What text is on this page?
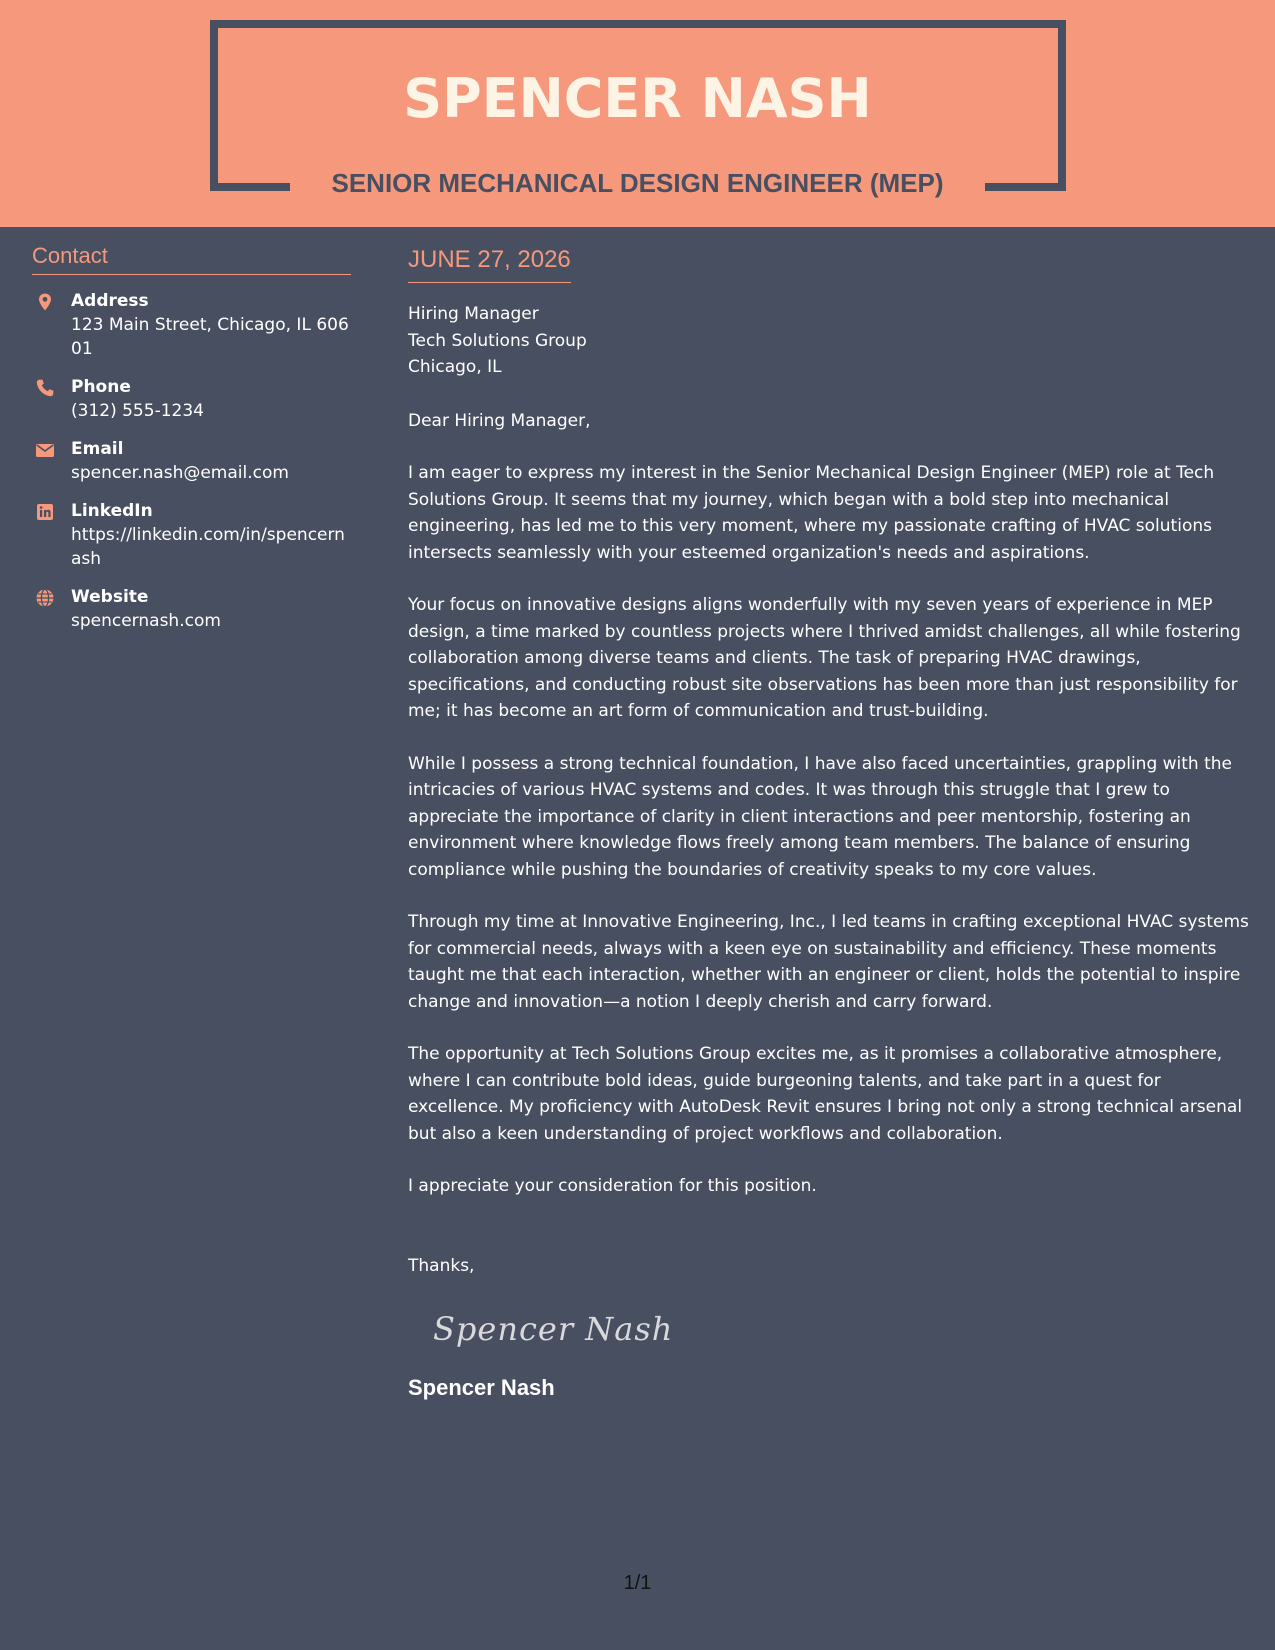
SPENCER NASH
SENIOR MECHANICAL DESIGN ENGINEER (MEP)
Contact
Address
123 Main Street, Chicago, IL 60601
Phone
(312) 555-1234
Email
spencer.nash@email.com
LinkedIn
https://linkedin.com/in/spencernash
Website
spencernash.com
JUNE 27, 2026
Hiring Manager
Tech Solutions Group
Chicago, IL
Dear Hiring Manager,
I am eager to express my interest in the Senior Mechanical Design Engineer (MEP) role at Tech Solutions Group. It seems that my journey, which began with a bold step into mechanical engineering, has led me to this very moment, where my passionate crafting of HVAC solutions intersects seamlessly with your esteemed organization's needs and aspirations.
Your focus on innovative designs aligns wonderfully with my seven years of experience in MEP design, a time marked by countless projects where I thrived amidst challenges, all while fostering collaboration among diverse teams and clients. The task of preparing HVAC drawings, specifications, and conducting robust site observations has been more than just responsibility for me; it has become an art form of communication and trust-building.
While I possess a strong technical foundation, I have also faced uncertainties, grappling with the intricacies of various HVAC systems and codes. It was through this struggle that I grew to appreciate the importance of clarity in client interactions and peer mentorship, fostering an environment where knowledge flows freely among team members. The balance of ensuring compliance while pushing the boundaries of creativity speaks to my core values.
Through my time at Innovative Engineering, Inc., I led teams in crafting exceptional HVAC systems for commercial needs, always with a keen eye on sustainability and efficiency. These moments taught me that each interaction, whether with an engineer or client, holds the potential to inspire change and innovation—a notion I deeply cherish and carry forward.
The opportunity at Tech Solutions Group excites me, as it promises a collaborative atmosphere, where I can contribute bold ideas, guide burgeoning talents, and take part in a quest for excellence. My proficiency with AutoDesk Revit ensures I bring not only a strong technical arsenal but also a keen understanding of project workflows and collaboration.
I appreciate your consideration for this position.
Thanks,
Spencer Nash
Spencer Nash
1/1
